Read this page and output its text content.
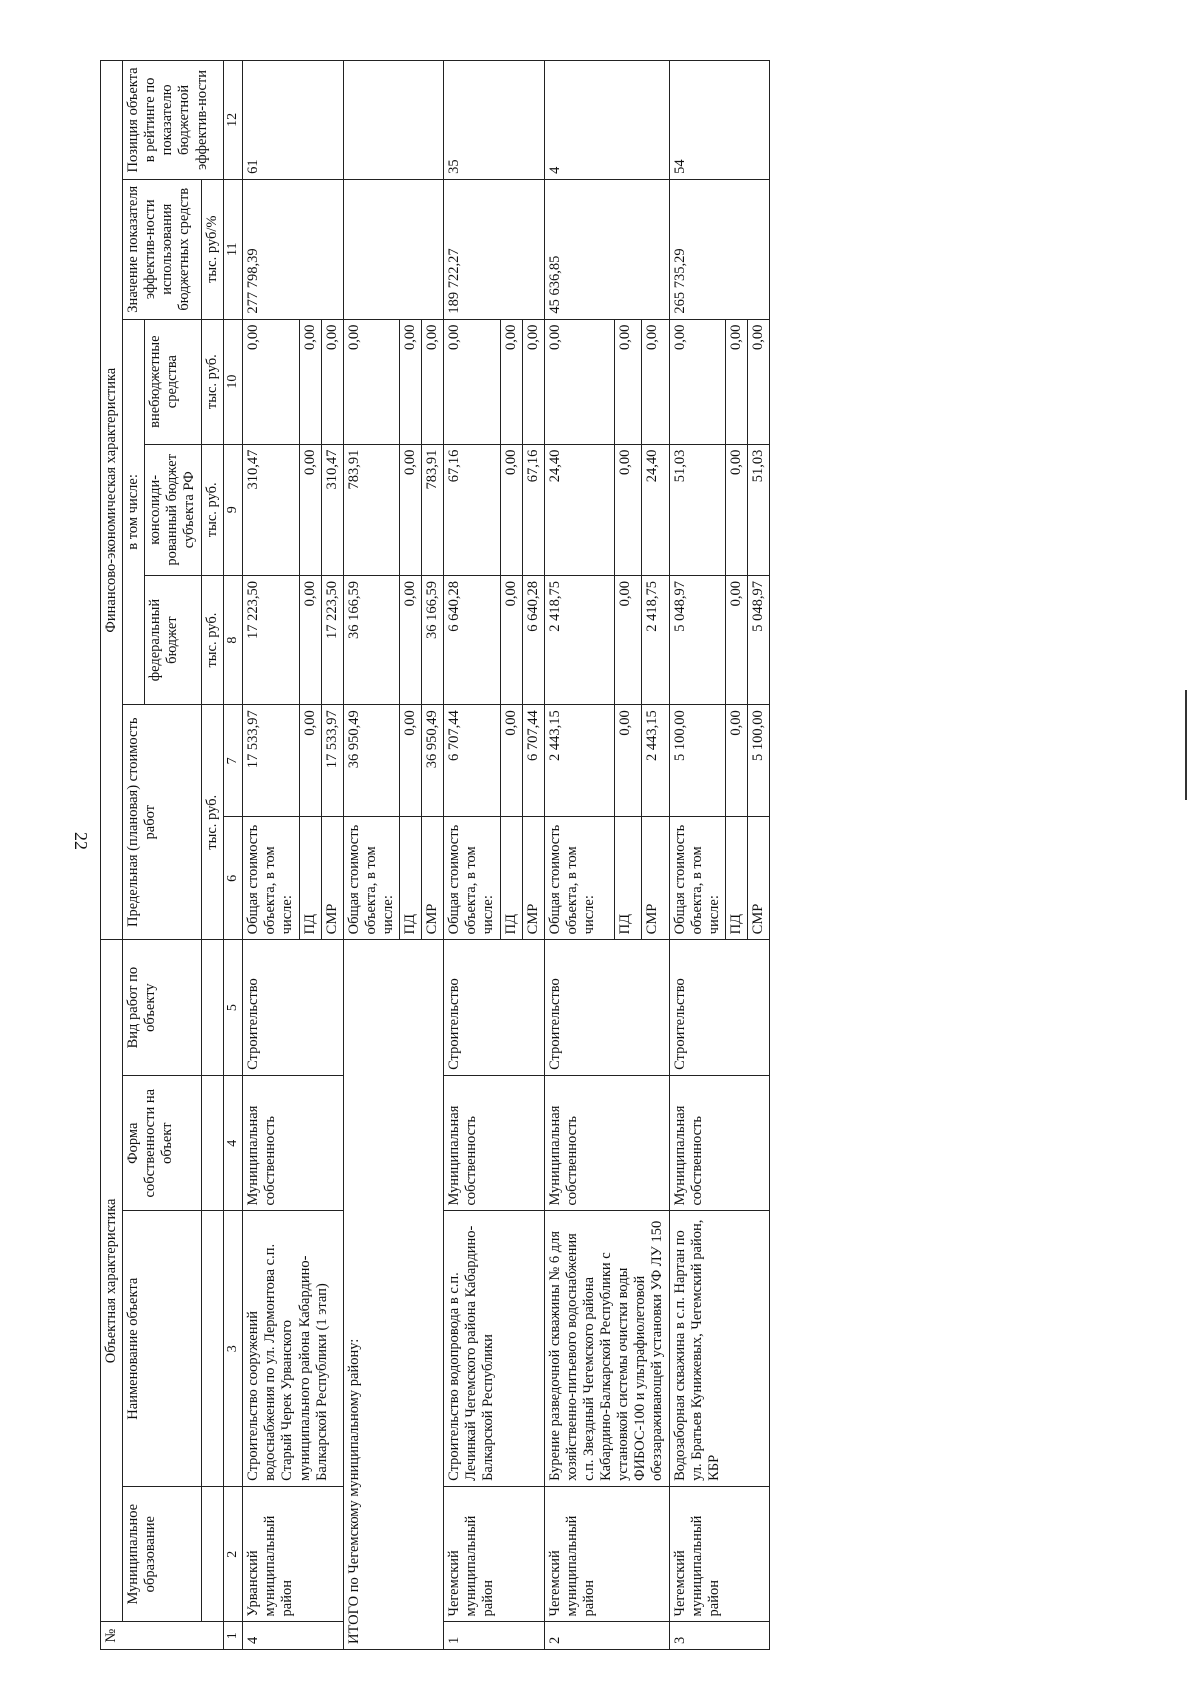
22
№	Объектная характеристика				Финансово-экономическая характеристика						
	Муниципальное образование	Наименование объекта	Форма собственности на объект	Вид работ по объекту	Предельная (плановая) стоимость работ		в том числе:			Значение показателя эффектив-ности использования бюджетных средств	Позиция объекта в рейтинге по показателю бюджетной эффектив-ности
							федеральный бюджет	консолиди-рованный бюджет субъекта РФ	внебюджетные средства		
					тыс. руб.		тыс. руб.	тыс. руб.	тыс. руб.	тыс. руб/%	
1	2	3	4	5	6	7	8	9	10	11	12
4	Урванский муниципальный район	Строительство сооружений водоснабжения по ул. Лермонтова с.п. Старый Черек Урванского муниципального района Кабардино-Балкарской Республики (1 этап)	Муниципальная собственность	Строительство	Общая стоимость объекта, в том числе:	17 533,97	17 223,50	310,47	0,00	277 798,39	61
					ПД	0,00	0,00	0,00	0,00		
					СМР	17 533,97	17 223,50	310,47	0,00		
ИТОГО по Чегемскому муниципальному району:					Общая стоимость объекта, в том числе:	36 950,49	36 166,59	783,91	0,00		
					ПД	0,00	0,00	0,00	0,00		
					СМР	36 950,49	36 166,59	783,91	0,00		
1	Чегемский муниципальный район	Строительство водопровода в с.п. Лечинкай Чегемского района Кабардино-Балкарской Республики	Муниципальная собственность	Строительство	Общая стоимость объекта, в том числе:	6 707,44	6 640,28	67,16	0,00	189 722,27	35
					ПД	0,00	0,00	0,00	0,00		
					СМР	6 707,44	6 640,28	67,16	0,00		
2	Чегемский муниципальный район	Бурение разведочной скважины № 6 для хозяйственно-питьевого водоснабжения с.п. Звездный Чегемского района Кабардино-Балкарской Республики с установкой системы очистки воды ФИБОС-100 и ультрафиолетовой обеззараживающей установки УФ ЛУ 150	Муниципальная собственность	Строительство	Общая стоимость объекта, в том числе:	2 443,15	2 418,75	24,40	0,00	45 636,85	4
					ПД	0,00	0,00	0,00	0,00		
					СМР	2 443,15	2 418,75	24,40	0,00		
3	Чегемский муниципальный район	Водозаборная скважина в с.п. Нартан по ул. Братьев Кунижевых, Чегемский район, КБР	Муниципальная собственность	Строительство	Общая стоимость объекта, в том числе:	5 100,00	5 048,97	51,03	0,00	265 735,29	54
					ПД	0,00	0,00	0,00	0,00		
					СМР	5 100,00	5 048,97	51,03	0,00		
